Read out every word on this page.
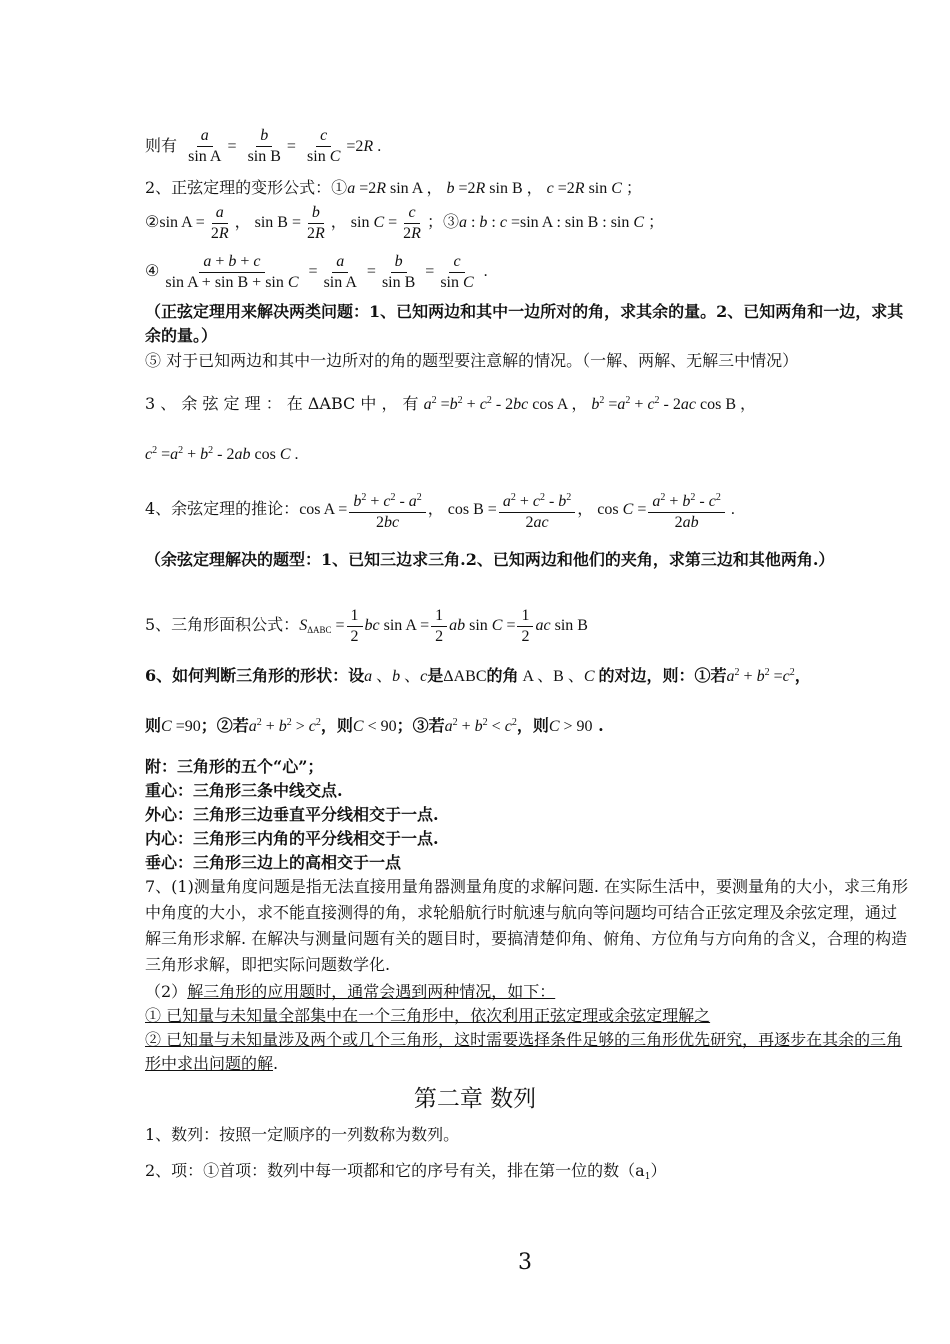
则有 $\frac{a}{\text{sin A}} = \frac{b}{\text{sin B}} = \frac{c}{\text{sin C}} =2R$ .
2、正弦定理的变形公式：①a =2R sin A ， b =2R sin B ， c =2R sin C ；
②sin $A = \frac{a}{2R}$ ， $\sin B = \frac{b}{2R}$ ， $\sin C = \frac{c}{2R}$ ；③a : b : c =sin A : sin B : sin C ；
④ $\frac{a + b + c}{\text{sin A + sin B + sin C}} = \frac{a}{\text{sin A}} = \frac{b}{\text{sin B}} = \frac{c}{\text{sin C}}$ .
（正弦定理用来解决两类问题：1、已知两边和其中一边所对的角，求其余的量。2、已知两角和一边，求其余的量。）
⑤ 对于已知两边和其中一边所对的角的题型要注意解的情况。（一解、两解、无解三中情况）
3 、 余 弦 定 理 ： 在 ΔABC 中 ， 有 $a^2 =b^2 + c^2 - 2bc$ cos A ， $b^2 =a^2 + c^2 - 2ac$ cos B ，
$c^2 =a^2 + b^2 - 2ab$ cos C .
4、余弦定理的推论：$\cos A = \frac{b^2 + c^2 - a^2}{2bc}$ ， $\cos B = \frac{a^2 + c^2 - b^2}{2ac}$ ， $\cos C = \frac{a^2 + b^2 - c^2}{2ab}$ .
（余弦定理解决的题型：1、已知三边求三角.2、已知两边和他们的夹角，求第三边和其他两角.）
5、三角形面积公式：$S_{\Delta ABC} = \frac{1}{2}$ bc $\sin A = \frac{1}{2}$ ab $\sin C = \frac{1}{2}$ ac sin B
6、如何判断三角形的形状：设a 、b 、c是ΔABC的角 A 、B 、C 的对边，则：①若$a^2 + b^2 =c^2$，
则C =90；②若$a^2 + b^2 > c^2$，则C < 90；③若$a^2 + b^2 < c^2$，则C > 90 .
附：三角形的五个“心”；
重心：三角形三条中线交点.
外心：三角形三边垂直平分线相交于一点.
内心：三角形三内角的平分线相交于一点.
垂心：三角形三边上的高相交于一点
7、(1)测量角度问题是指无法直接用量角器测量角度的求解问题. 在实际生活中，要测量角的大小，求三角形中角度的大小，求不能直接测得的角，求轮船航行时航速与航向等问题均可结合正弦定理及余弦定理，通过解三角形求解. 在解决与测量问题有关的题目时，要搞清楚仰角、俯角、方位角与方向角的含义，合理的构造三角形求解，即把实际问题数学化.
（2）解三角形的应用题时，通常会遇到两种情况，如下：
① 已知量与未知量全部集中在一个三角形中，依次利用正弦定理或余弦定理解之
② 已知量与未知量涉及两个或几个三角形，这时需要选择条件足够的三角形优先研究，再逐步在其余的三角形中求出问题的解.
第二章 数列
1、数列：按照一定顺序的一列数称为数列。
2、项：①首项：数列中每一项都和它的序号有关，排在第一位的数$(a_1)$
3
